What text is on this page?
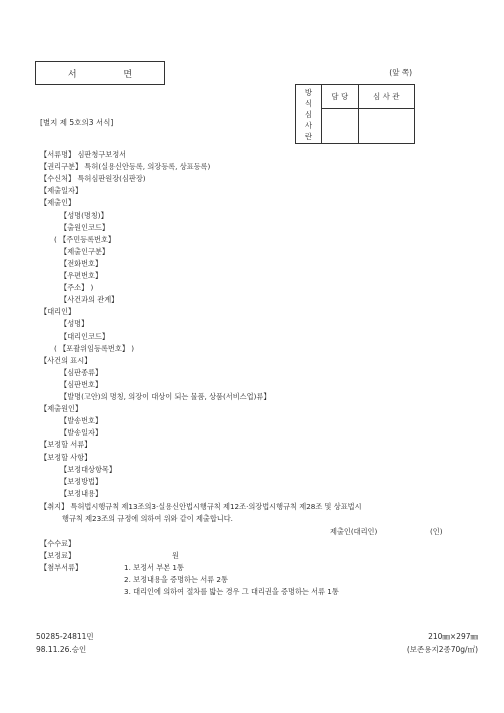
서 면	(앞 쪽)
[별지 제 5호의3 서식]
방
식
심
사
란	담 당	심 사 관

【서류명】 심판청구보정서
【권리구분】 특허(실용신안등록, 의장등록, 상표등록)
【수신처】 특허심판원장(심판장)
【제출일자】
【제출인】
【성명(명칭)】
【출원인코드】
( 【주민등록번호】
【제출인구분】
【전화번호】
【우편번호】
【주소】 )
【사건과의 관계】
【대리인】
【성명】
【대리인코드】
( 【포괄위임등록번호】 )
【사건의 표시】
【심판종류】
【심판번호】
【발명(고안)의 명칭, 의장이 대상이 되는 물품, 상품(서비스업)류】
【제출원인】
【발송번호】
【발송일자】
【보정할 서류】
【보정할 사항】
【보정대상항목】
【보정방법】
【보정내용】
【취지】 특허법시행규칙 제13조의3·실용신안법시행규칙 제12조·의장법시행규칙 제28조 및 상표법시
행규칙 제23조의 규정에 의하여 위와 같이 제출합니다.
제출인(대리인)	(인)
【수수료】
【보정료】	원
【첨부서류】	1. 보정서 부본 1통
2. 보정내용을 증명하는 서류 2통
3. 대리인에 의하여 절차를 밟는 경우 그 대리권을 증명하는 서류 1통
50285-24811민
98.11.26.승인
210㎜×297㎜
(보존용지2종70g/㎡)
